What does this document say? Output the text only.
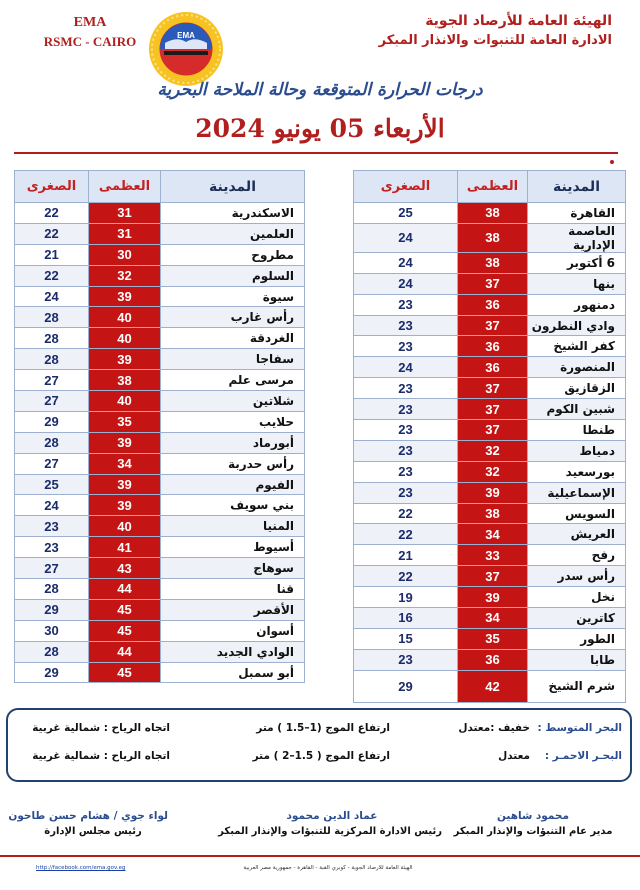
EMA
RSMC - CAIRO	EMA
الهيئة العامة للأرصاد الجوية
الادارة العامة للتنبوات والانذار المبكر
درجات الحرارة المتوقعة وحالة الملاحة البحرية
الأربعاء 05 يونيو 2024
المدينة	العظمى	الصغرى
القاهرة	38	25
العاصمة الإدارية	38	24
6 أكتوبر	38	24
بنها	37	24
دمنهور	36	23
وادي النطرون	37	23
كفر الشيخ	36	23
المنصورة	36	24
الزقازيق	37	23
شبين الكوم	37	23
طنطا	37	23
دمياط	32	23
بورسعيد	32	23
الإسماعيلية	39	23
السويس	38	22
العريش	34	22
رفح	33	21
رأس سدر	37	22
نخل	39	19
كاترين	34	16
الطور	35	15
طابا	36	23
شرم الشيخ	42	29
المدينة	العظمى	الصغرى
الاسكندرية	31	22
العلمين	31	22
مطروح	30	21
السلوم	32	22
سيوة	39	24
رأس غارب	40	28
الغردقة	40	28
سفاجا	39	28
مرسى علم	38	27
شلاتين	40	27
حلايب	35	29
أبورماد	39	28
رأس حدربة	34	27
الفيوم	39	25
بني سويف	39	24
المنيا	40	23
أسيوط	41	23
سوهاج	43	27
قنا	44	28
الأقصر	45	29
أسوان	45	30
الوادي الجديد	44	28
أبو سمبل	45	29
البحر المتوسط :
خفيف :معتدل
ارتفاع الموج (1–1.5 ) متر
اتجاه الرياح : شمالية غربية
البحـر الاحمـر :
معتدل
ارتفاع الموج ( 1.5–2 ) متر
اتجاه الرياح : شمالية غربية
محمود شاهين
مدير عام التنبؤات والإنذار المبكر
عماد الدين محمود
رئيس الادارة المركزية للتنبؤات والإنذار المبكر
لواء جوي / هشام حسن طاحون
رئيس مجلس الإدارة
الهيئة العامة للأرصاد الجوية - كوبري القبة - القاهرة - جمهورية مصر العربية
http://facebook.com/ema.gov.eg
